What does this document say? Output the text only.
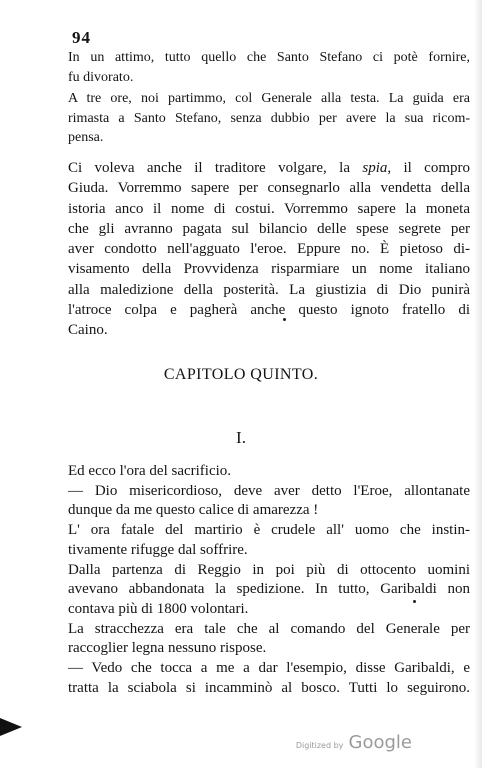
94
In un attimo, tutto quello che Santo Stefano ci potè fornire,
fu divorato.
A tre ore, noi partimmo, col Generale alla testa. La guida era
rimasta a Santo Stefano, senza dubbio per avere la sua ricom-
pensa.
Ci voleva anche il traditore volgare, la spia, il compro
Giuda. Vorremmo sapere per consegnarlo alla vendetta della
istoria anco il nome di costui. Vorremmo sapere la moneta
che gli avranno pagata sul bilancio delle spese segrete per
aver condotto nell'agguato l'eroe. Eppure no. È pietoso di-
visamento della Provvidenza risparmiare un nome italiano
alla maledizione della posterità. La giustizia di Dio punirà
l'atroce colpa e pagherà anche questo ignoto fratello di
Caino.
CAPITOLO QUINTO.
I.
Ed ecco l'ora del sacrificio.
— Dio misericordioso, deve aver detto l'Eroe, allontanate
dunque da me questo calice di amarezza !
L' ora fatale del martirio è crudele all' uomo che instin-
tivamente rifugge dal soffrire.
Dalla partenza di Reggio in poi più di ottocento uomini
avevano abbandonata la spedizione. In tutto, Garibaldi non
contava più di 1800 volontari.
La stracchezza era tale che al comando del Generale per
raccoglier legna nessuno rispose.
— Vedo che tocca a me a dar l'esempio, disse Garibaldi, e
tratta la sciabola si incamminò al bosco. Tutti lo seguirono.
Digitized by Google
